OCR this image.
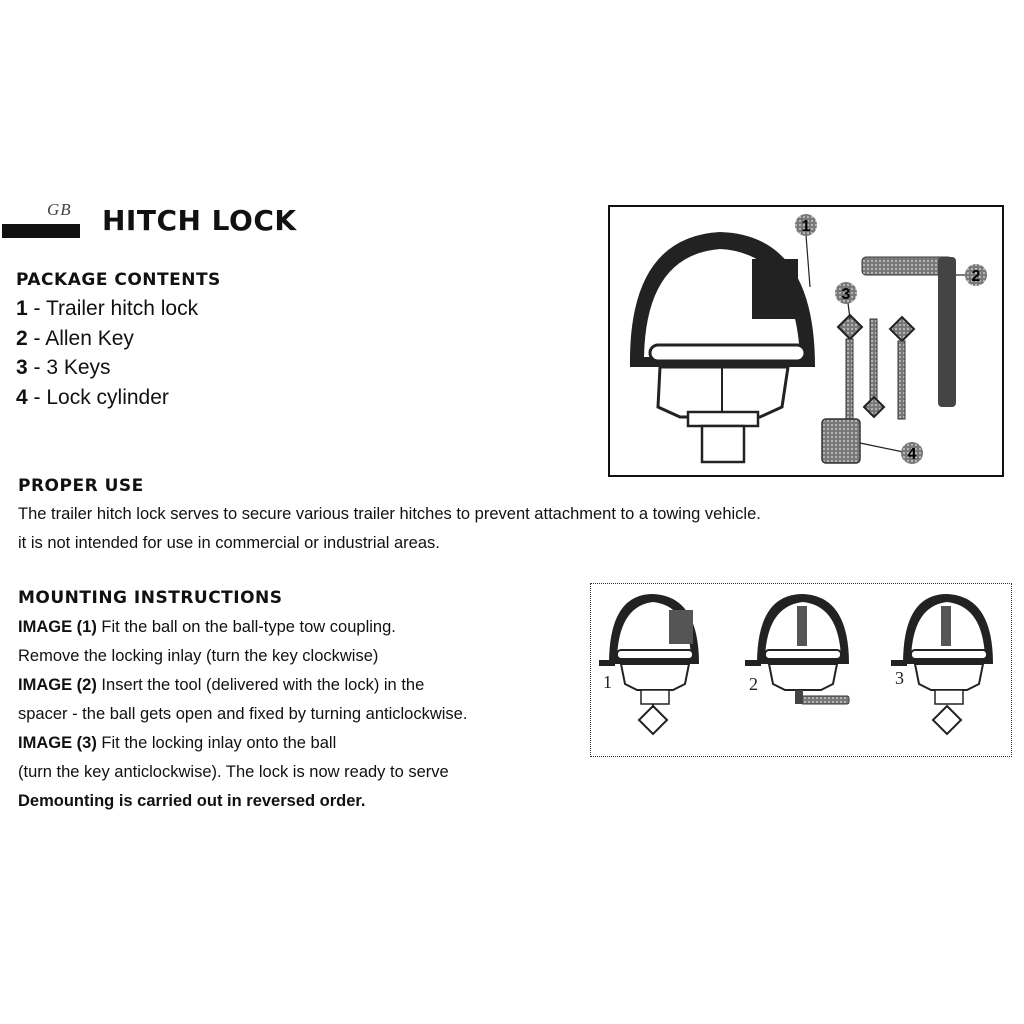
GB HITCH LOCK
PACKAGE CONTENTS
1 - Trailer hitch lock
2 - Allen Key
3 - 3 Keys
4 - Lock cylinder
1
2
3
4
PROPER USE
The trailer hitch lock serves to secure various trailer hitches to prevent attachment to a towing vehicle.
it is not intended for use in commercial or industrial areas.
MOUNTING INSTRUCTIONS
IMAGE (1) Fit the ball on the ball-type tow coupling.
Remove the locking inlay (turn the key clockwise)
IMAGE (2) Insert the tool (delivered with the lock) in the
spacer - the ball gets open and fixed by turning anticlockwise.
IMAGE (3) Fit the locking inlay onto the ball
(turn the key anticlockwise). The lock is now ready to serve
Demounting is carried out in reversed order.
1	2	3
